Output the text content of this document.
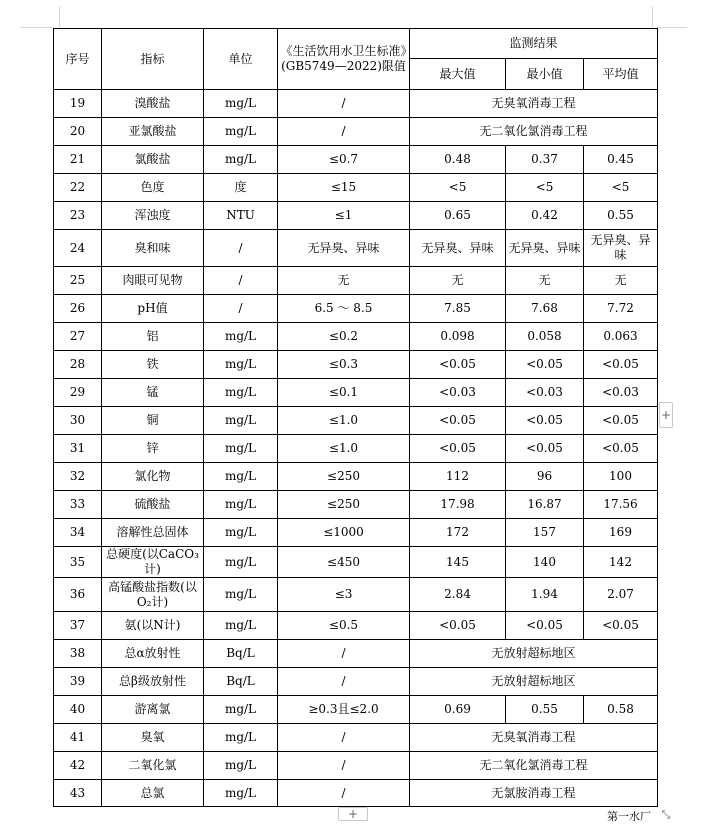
序号	指标	单位	《生活饮用水卫生标准》(GB5749—2022)限值	监测结果		
				最大值	最小值	平均值
19	溴酸盐	mg/L	/	无臭氧消毒工程		
20	亚氯酸盐	mg/L	/	无二氧化氯消毒工程		
21	氯酸盐	mg/L	≤0.7	0.48	0.37	0.45
22	色度	度	≤15	<5	<5	<5
23	浑浊度	NTU	≤1	0.65	0.42	0.55
24	臭和味	/	无异臭、异味	无异臭、异味	无异臭、异味	无异臭、异味
25	肉眼可见物	/	无	无	无	无
26	pH值	/	6.5 ～ 8.5	7.85	7.68	7.72
27	铝	mg/L	≤0.2	0.098	0.058	0.063
28	铁	mg/L	≤0.3	<0.05	<0.05	<0.05
29	锰	mg/L	≤0.1	<0.03	<0.03	<0.03
30	铜	mg/L	≤1.0	<0.05	<0.05	<0.05
31	锌	mg/L	≤1.0	<0.05	<0.05	<0.05
32	氯化物	mg/L	≤250	112	96	100
33	硫酸盐	mg/L	≤250	17.98	16.87	17.56
34	溶解性总固体	mg/L	≤1000	172	157	169
35	总硬度(以CaCO₃计)	mg/L	≤450	145	140	142
36	高锰酸盐指数(以O₂计)	mg/L	≤3	2.84	1.94	2.07
37	氨(以N计)	mg/L	≤0.5	<0.05	<0.05	<0.05
38	总α放射性	Bq/L	/	无放射超标地区		
39	总β级放射性	Bq/L	/	无放射超标地区		
40	游离氯	mg/L	≥0.3且≤2.0	0.69	0.55	0.58
41	臭氧	mg/L	/	无臭氧消毒工程		
42	二氧化氯	mg/L	/	无二氧化氯消毒工程		
43	总氯	mg/L	/	无氯胺消毒工程		
+
+	⤡
第一水厂
